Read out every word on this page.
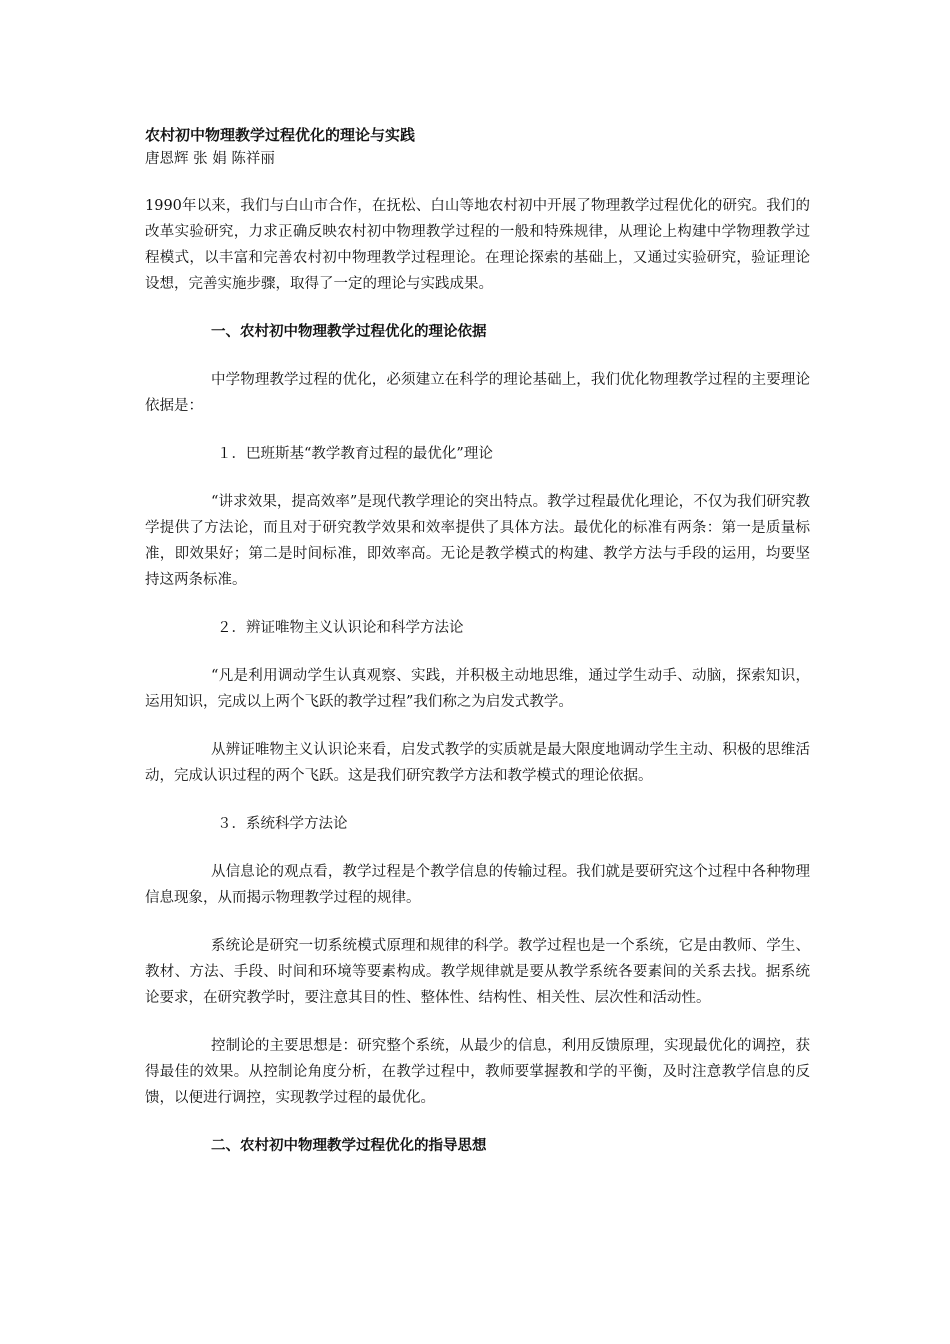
农村初中物理教学过程优化的理论与实践

唐恩辉 张 娟 陈祥丽

1990年以来，我们与白山市合作，在抚松、白山等地农村初中开展了物理教学过程优化的研究。我们的改革实验研究，力求正确反映农村初中物理教学过程的一般和特殊规律，从理论上构建中学物理教学过程模式，以丰富和完善农村初中物理教学过程理论。在理论探索的基础上，又通过实验研究，验证理论设想，完善实施步骤，取得了一定的理论与实践成果。

一、农村初中物理教学过程优化的理论依据

中学物理教学过程的优化，必须建立在科学的理论基础上，我们优化物理教学过程的主要理论依据是：

１．巴班斯基“教学教育过程的最优化”理论

“讲求效果，提高效率”是现代教学理论的突出特点。教学过程最优化理论，不仅为我们研究教学提供了方法论，而且对于研究教学效果和效率提供了具体方法。最优化的标准有两条：第一是质量标准，即效果好；第二是时间标准，即效率高。无论是教学模式的构建、教学方法与手段的运用，均要坚持这两条标准。

２．辨证唯物主义认识论和科学方法论

“凡是利用调动学生认真观察、实践，并积极主动地思维，通过学生动手、动脑，探索知识，运用知识，完成以上两个飞跃的教学过程”我们称之为启发式教学。

从辨证唯物主义认识论来看，启发式教学的实质就是最大限度地调动学生主动、积极的思维活动，完成认识过程的两个飞跃。这是我们研究教学方法和教学模式的理论依据。

３．系统科学方法论

从信息论的观点看，教学过程是个教学信息的传输过程。我们就是要研究这个过程中各种物理信息现象，从而揭示物理教学过程的规律。

系统论是研究一切系统模式原理和规律的科学。教学过程也是一个系统，它是由教师、学生、教材、方法、手段、时间和环境等要素构成。教学规律就是要从教学系统各要素间的关系去找。据系统论要求，在研究教学时，要注意其目的性、整体性、结构性、相关性、层次性和活动性。

控制论的主要思想是：研究整个系统，从最少的信息，利用反馈原理，实现最优化的调控，获得最佳的效果。从控制论角度分析，在教学过程中，教师要掌握教和学的平衡，及时注意教学信息的反馈，以便进行调控，实现教学过程的最优化。

二、农村初中物理教学过程优化的指导思想
